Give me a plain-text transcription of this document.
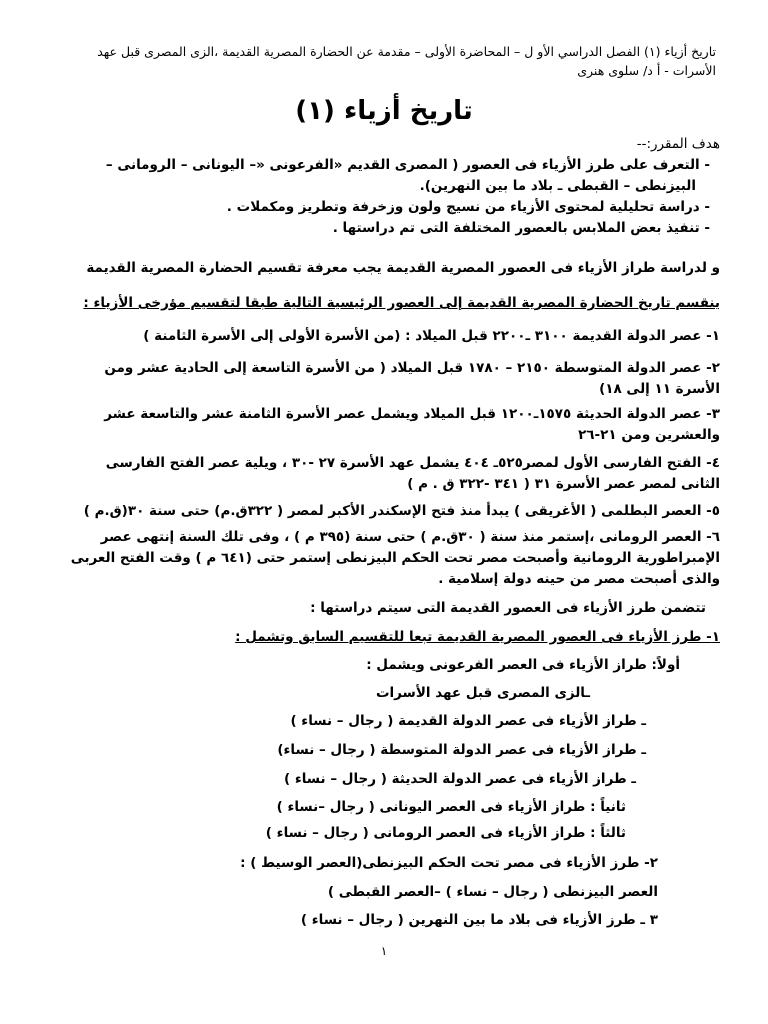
تاريخ أزياء (١) الفصل الدراسي الأو ل – المحاضرة الأولى – مقدمة عن الحضارة المصرية القديمة ،الزى المصرى قبل عهد
الأسرات - أ د/ سلوى هنرى
تاريخ أزياء (١)
هدف المقرر:--
- التعرف على طرز الأزياء فى العصور ( المصرى القديم «الفرعونى «– اليونانى – الرومانى –
البيزنطى – القبطى ـ بلاد ما بين النهرين).
- دراسة تحليلية لمحتوى الأزياء من نسيج ولون وزخرفة وتطريز ومكملات .
- تنفيذ بعض الملابس بالعصور المختلفة التى تم دراستها .
و لدراسة طراز الأزياء فى العصور المصرية القديمة يجب معرفة تقسيم الحضارة المصرية القديمة
ينقسم تاريخ الحضارة المصرية القديمة إلى العصور الرئيسية التالية طبقا لتقسيم مؤرخى الأزياء :
١- عصر الدولة القديمة ٣١٠٠ ـ٢٢٠٠ قبل الميلاد : (من الأسرة الأولى إلى الأسرة الثامنة )
٢- عصر الدولة المتوسطة ٢١٥٠ – ١٧٨٠ قبل الميلاد ( من الأسرة التاسعة إلى الحادية عشر ومن
الأسرة ١١ إلى ١٨)
٣- عصر الدولة الحديثة ١٥٧٥ـ١٢٠٠ قبل الميلاد ويشمل عصر الأسرة الثامنة عشر والتاسعة عشر
والعشرين ومن ٢١-٢٦
٤- الفتح الفارسى الأول لمصر٥٢٥ـ ٤٠٤ يشمل عهد الأسرة ٢٧ -٣٠ ، ويلية عصر الفتح الفارسى
الثانى لمصر عصر الأسرة ٣١ ( ٣٤١ -٣٢٢ ق . م )
٥- العصر البطلمى ( الأغريقى ) يبدأ منذ فتح الإسكندر الأكبر لمصر ( ٣٢٢ق.م) حتى سنة ٣٠(ق.م )
٦- العصر الرومانى ،إستمر منذ سنة ( ٣٠ق.م ) حتى سنة (٣٩٥ م ) ، وفى تلك السنة إنتهى عصر
الإمبراطورية الرومانية وأصبحت مصر تحت الحكم البيزنطى إستمر حتى (٦٤١ م ) وقت الفتح العربى
والذى أصبحت مصر من حينه دولة إسلامية .
تتضمن طرز الأزياء فى العصور القديمة التى سيتم دراستها :
١- طرز الأزياء فى العصور المصرية القديمة تبعا للتقسيم السابق وتشمل :
أولاً: طراز الأزياء فى العصر الفرعونى ويشمل :
ـالزى المصرى قبل عهد الأسرات
ـ طراز الأزياء فى عصر الدولة القديمة ( رجال – نساء )
ـ طراز الأزياء فى عصر الدولة المتوسطة ( رجال – نساء)
ـ طراز الأزياء فى عصر الدولة الحديثة ( رجال – نساء )
ثانياً : طراز الأزياء فى العصر اليونانى ( رجال –نساء )
ثالثاً : طراز الأزياء فى العصر الرومانى ( رجال – نساء )
٢- طرز الأزياء فى مصر تحت الحكم البيزنطى(العصر الوسيط ) :
العصر البيزنطى ( رجال – نساء ) –العصر القبطى )
٣ ـ طرز الأزياء فى بلاد ما بين النهرين ( رجال – نساء )
١
